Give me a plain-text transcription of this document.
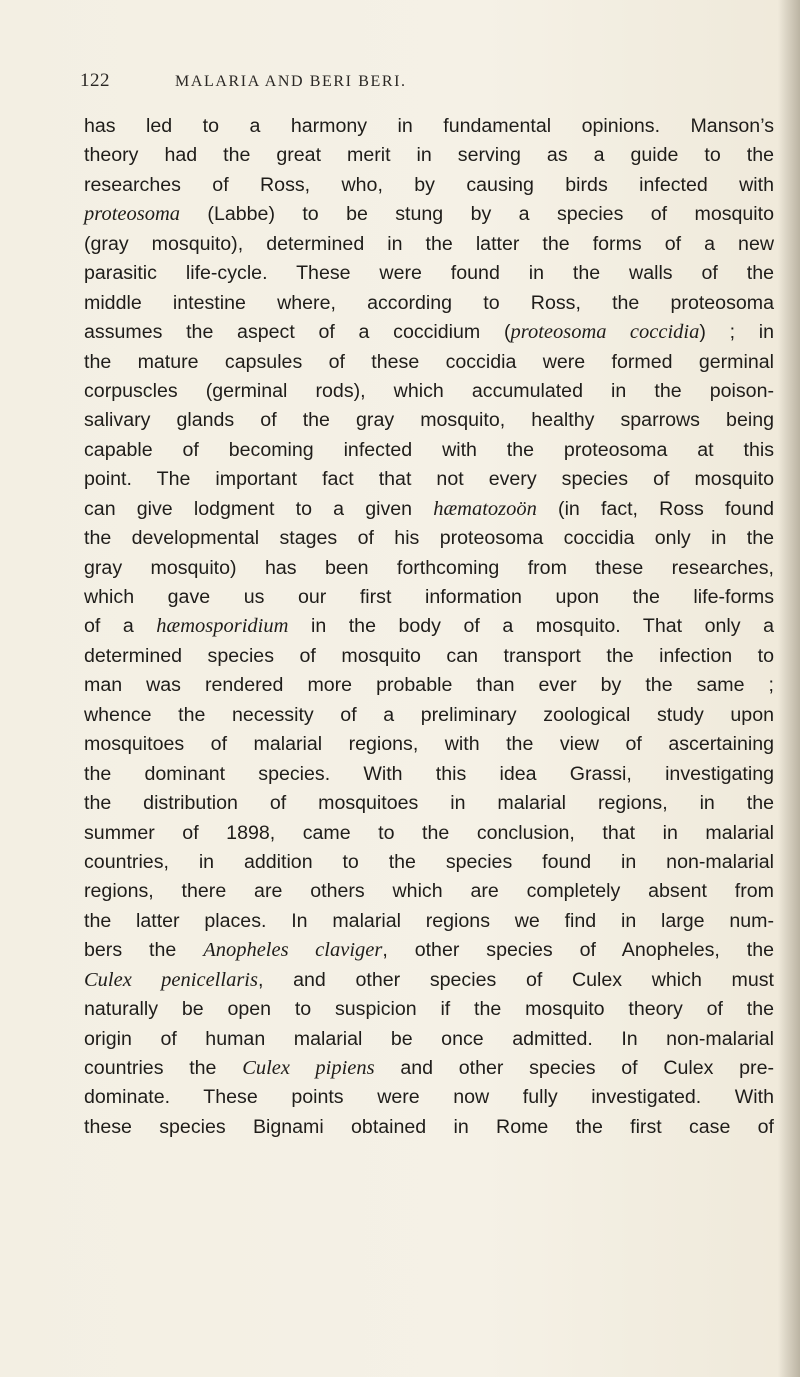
122	MALARIA AND BERI BERI.
has led to a harmony in fundamental opinions. Manson’s
theory had the great merit in serving as a guide to the
researches of Ross, who, by causing birds infected with
proteosoma (Labbe) to be stung by a species of mosquito
(gray mosquito), determined in the latter the forms of a new
parasitic life-cycle. These were found in the walls of the
middle intestine where, according to Ross, the proteosoma
assumes the aspect of a coccidium (proteosoma coccidia) ; in
the mature capsules of these coccidia were formed germinal
corpuscles (germinal rods), which accumulated in the poison-
salivary glands of the gray mosquito, healthy sparrows being
capable of becoming infected with the proteosoma at this
point. The important fact that not every species of mosquito
can give lodgment to a given hæmatozoön (in fact, Ross found
the developmental stages of his proteosoma coccidia only in the
gray mosquito) has been forthcoming from these researches,
which gave us our first information upon the life-forms
of a hæmosporidium in the body of a mosquito. That only a
determined species of mosquito can transport the infection to
man was rendered more probable than ever by the same ;
whence the necessity of a preliminary zoological study upon
mosquitoes of malarial regions, with the view of ascertaining
the dominant species. With this idea Grassi, investigating
the distribution of mosquitoes in malarial regions, in the
summer of 1898, came to the conclusion, that in malarial
countries, in addition to the species found in non-malarial
regions, there are others which are completely absent from
the latter places. In malarial regions we find in large num-
bers the Anopheles claviger, other species of Anopheles, the
Culex penicellaris, and other species of Culex which must
naturally be open to suspicion if the mosquito theory of the
origin of human malarial be once admitted. In non-malarial
countries the Culex pipiens and other species of Culex pre-
dominate. These points were now fully investigated. With
these species Bignami obtained in Rome the first case of
